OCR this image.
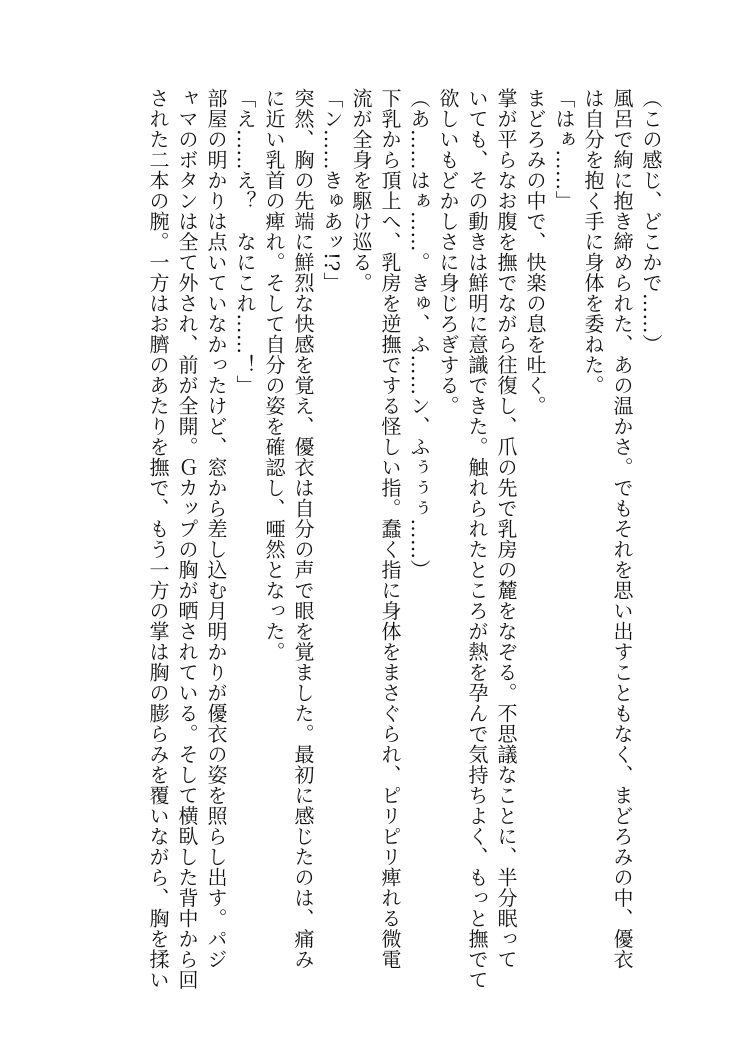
（この感じ、どこかで……）

風呂で絢に抱き締められた、あの温かさ。でもそれを思い出すこともなく、まどろみの中、優衣

は自分を抱く手に身体を委ねた。

「はぁ……」

まどろみの中で、快楽の息を吐く。

掌が平らなお腹を撫でながら往復し、爪の先で乳房の麓をなぞる。不思議なことに、半分眠って

いても、その動きは鮮明に意識できた。触れられたところが熱を孕んで気持ちよく、もっと撫でて

欲しいもどかしさに身じろぎする。

（あ……はぁ……。きゅ、ふ……ン、ふぅぅぅ……）

下乳から頂上へ、乳房を逆撫でする怪しい指。蠢く指に身体をまさぐられ、ピリピリ痺れる微電

流が全身を駆け巡る。

「ン……きゅあッ!?」

突然、胸の先端に鮮烈な快感を覚え、優衣は自分の声で眼を覚ました。最初に感じたのは、痛み

に近い乳首の痺れ。そして自分の姿を確認し、唖然となった。

「え……え？　なにこれ……！」

部屋の明かりは点いていなかったけど、窓から差し込む月明かりが優衣の姿を照らし出す。パジ

ャマのボタンは全て外され、前が全開。Ｇカップの胸が晒されている。そして横臥した背中から回

された二本の腕。一方はお臍のあたりを撫で、もう一方の掌は胸の膨らみを覆いながら、胸を揉い
